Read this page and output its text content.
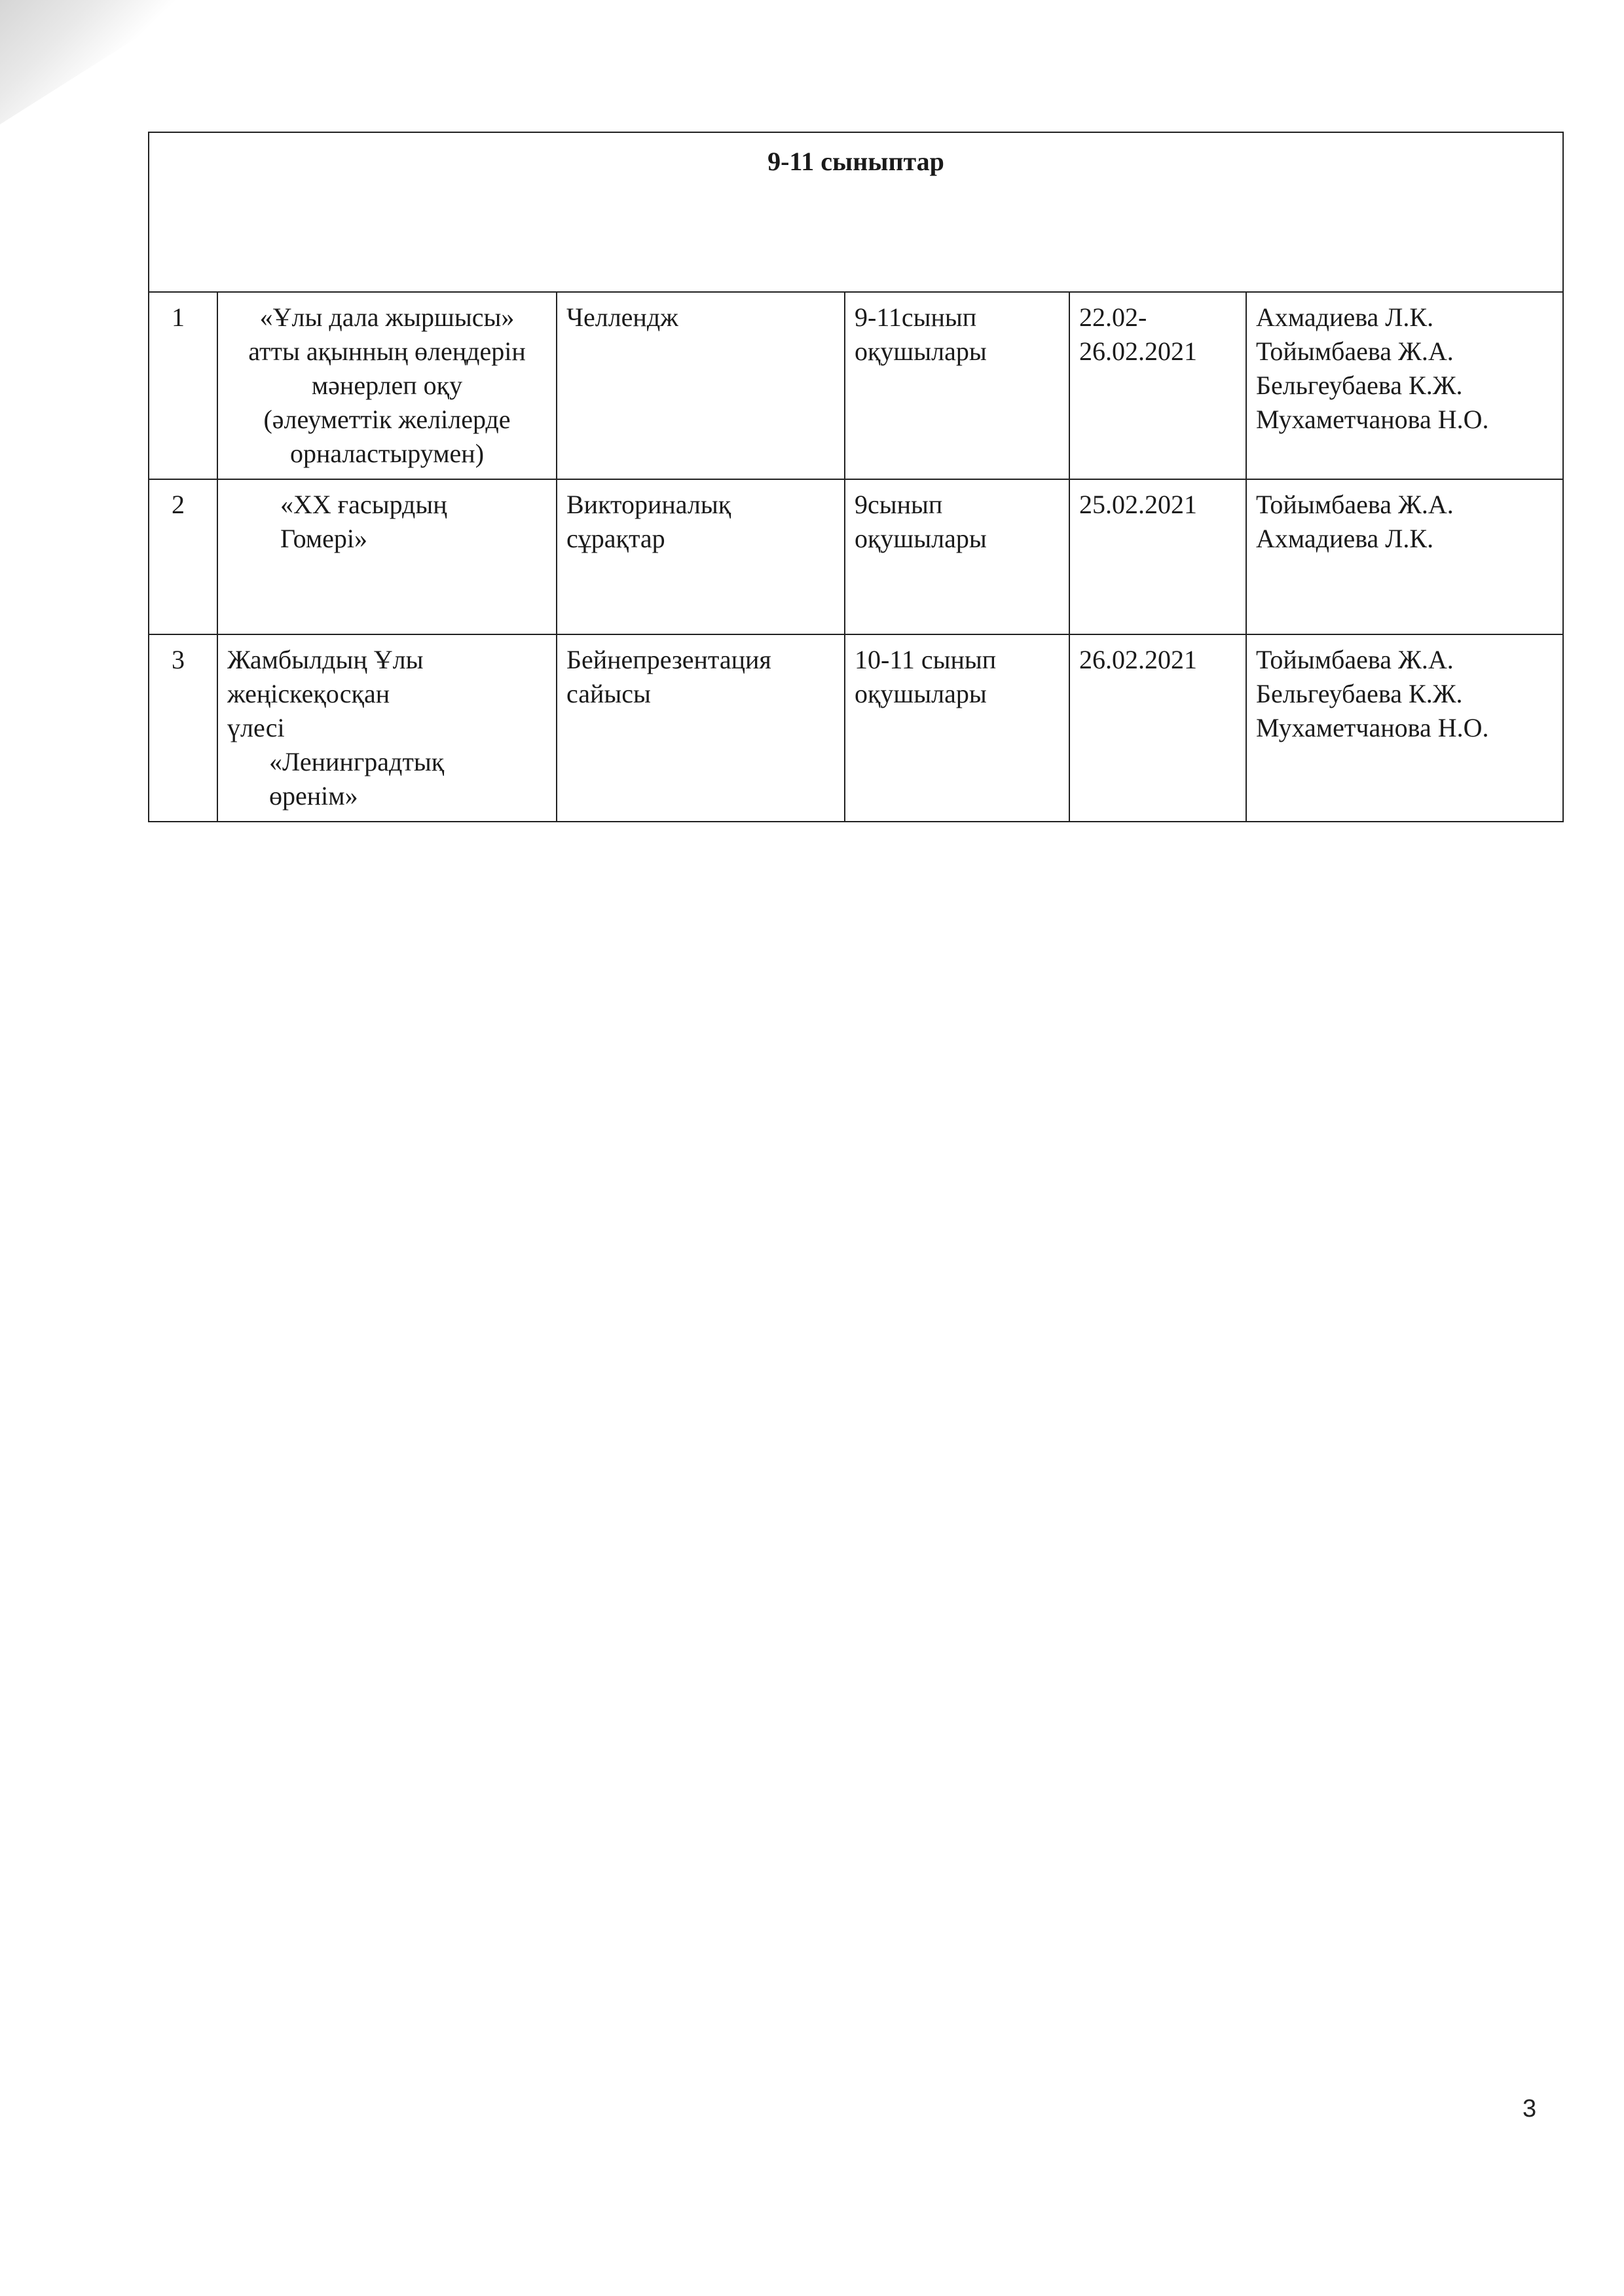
9-11 сыныптар					
1	«Ұлы дала жыршысы»
атты ақынның өлеңдерін
мәнерлеп оқу
(әлеуметтік желілерде
орналастырумен)	Челлендж	9-11сынып
оқушылары	22.02-
26.02.2021	Ахмадиева Л.К.
Тойымбаева Ж.А.
Бельгеубаева К.Ж.
Мухаметчанова Н.О.

2	«ХХ ғасырдың
Гомері»	Викториналық
сұрақтар	9сынып
оқушылары	25.02.2021	Тойымбаева Ж.А.
Ахмадиева Л.К.

3	Жамбылдың Ұлы
жеңіскеқосқан
үлесі
«Ленинградтық
өренім»	Бейнепрезентация
сайысы	10-11 сынып
оқушылары	26.02.2021	Тойымбаева Ж.А.
Бельгеубаева К.Ж.
Мухаметчанова Н.О.
3
